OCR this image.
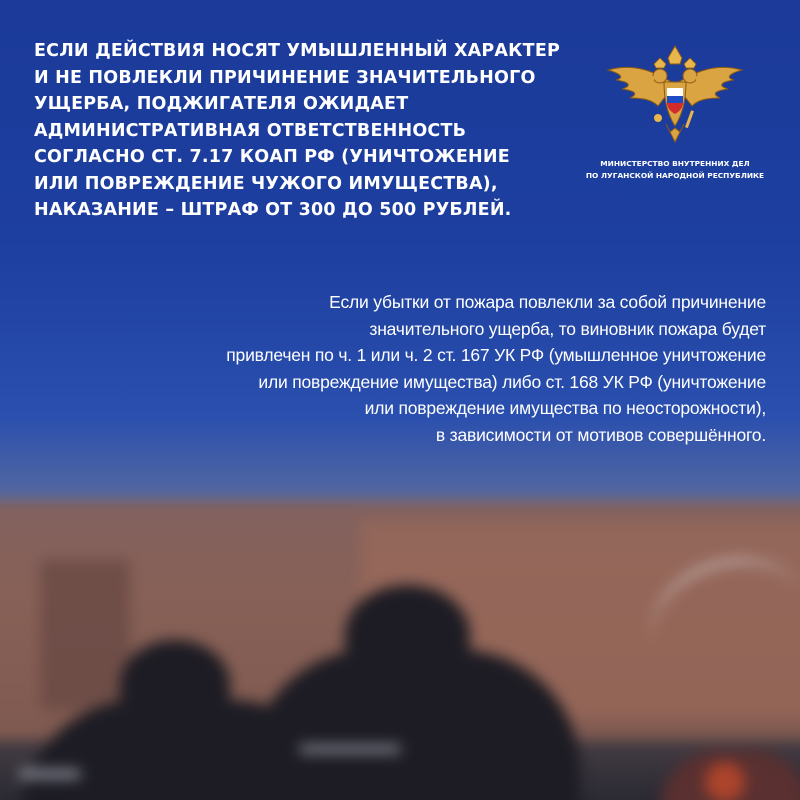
ЕСЛИ ДЕЙСТВИЯ НОСЯТ УМЫШЛЕННЫЙ ХАРАКТЕР
И НЕ ПОВЛЕКЛИ ПРИЧИНЕНИЕ ЗНАЧИТЕЛЬНОГО
УЩЕРБА, ПОДЖИГАТЕЛЯ ОЖИДАЕТ
АДМИНИСТРАТИВНАЯ ОТВЕТСТВЕННОСТЬ
СОГЛАСНО СТ. 7.17 КОАП РФ (УНИЧТОЖЕНИЕ
ИЛИ ПОВРЕЖДЕНИЕ ЧУЖОГО ИМУЩЕСТВА),
НАКАЗАНИЕ – ШТРАФ ОТ 300 ДО 500 РУБЛЕЙ.
МИНИСТЕРСТВО ВНУТРЕННИХ ДЕЛ
ПО ЛУГАНСКОЙ НАРОДНОЙ РЕСПУБЛИКЕ
Если убытки от пожара повлекли за собой причинение
значительного ущерба, то виновник пожара будет
привлечен по ч. 1 или ч. 2 ст. 167 УК РФ (умышленное уничтожение
или повреждение имущества) либо ст. 168 УК РФ (уничтожение
или повреждение имущества по неосторожности),
в зависимости от мотивов совершённого.
